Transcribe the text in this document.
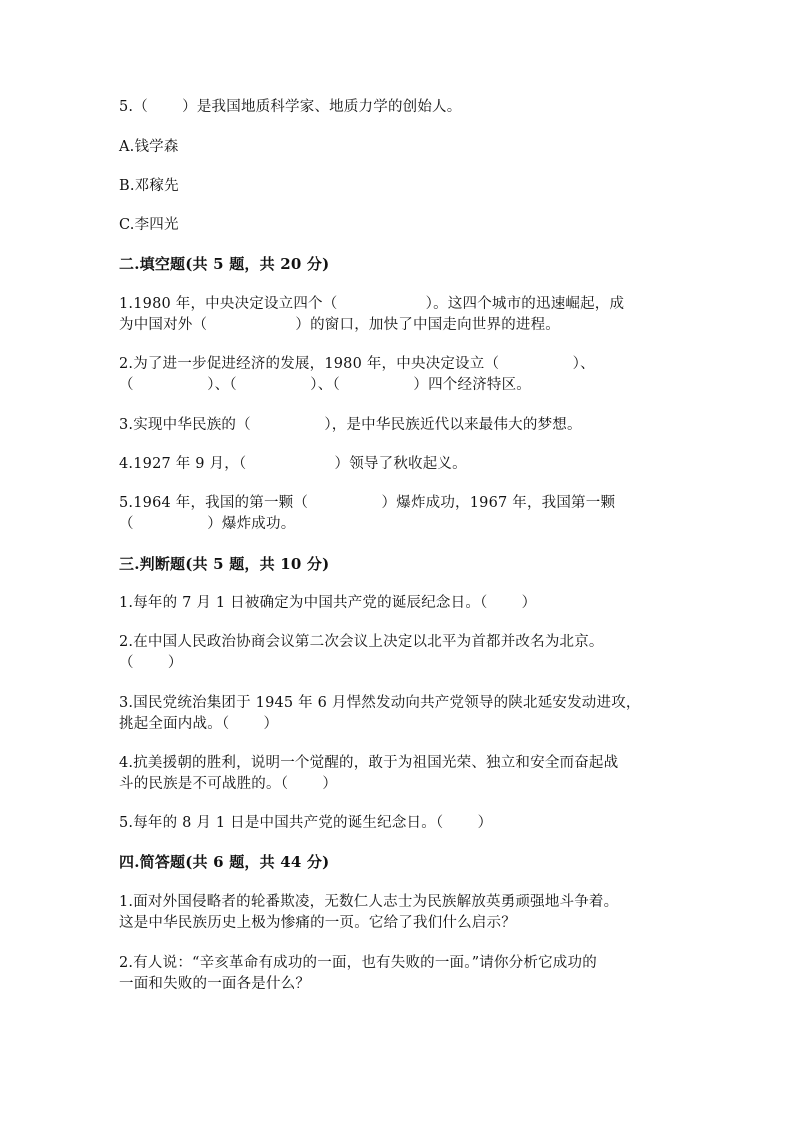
5.（　　 ）是我国地质科学家、地质力学的创始人。
A.钱学森
B.邓稼先
C.李四光
二.填空题(共 5 题，共 20 分)
1.1980 年，中央决定设立四个（　　　　　　）。这四个城市的迅速崛起，成
为中国对外（　　　　　　）的窗口，加快了中国走向世界的进程。
2.为了进一步促进经济的发展，1980 年，中央决定设立（　　　　　）、
（　　　　　）、（　　　　　）、（　　　　　）四个经济特区。
3.实现中华民族的（　　　　　），是中华民族近代以来最伟大的梦想。
4.1927 年 9 月，（　　　　　　）领导了秋收起义。
5.1964 年，我国的第一颗（　　　　　）爆炸成功，1967 年，我国第一颗
（　　　　　）爆炸成功。
三.判断题(共 5 题，共 10 分)
1.每年的 7 月 1 日被确定为中国共产党的诞辰纪念日。（　　 ）
2.在中国人民政治协商会议第二次会议上决定以北平为首都并改名为北京。
（　　 ）
3.国民党统治集团于 1945 年 6 月悍然发动向共产党领导的陕北延安发动进攻，
挑起全面内战。（　　 ）
4.抗美援朝的胜利，说明一个觉醒的，敢于为祖国光荣、独立和安全而奋起战
斗的民族是不可战胜的。（　　 ）
5.每年的 8 月 1 日是中国共产党的诞生纪念日。（　　 ）
四.简答题(共 6 题，共 44 分)
1.面对外国侵略者的轮番欺凌，无数仁人志士为民族解放英勇顽强地斗争着。
这是中华民族历史上极为惨痛的一页。它给了我们什么启示？
2.有人说：“辛亥革命有成功的一面，也有失败的一面。”请你分析它成功的
一面和失败的一面各是什么？
